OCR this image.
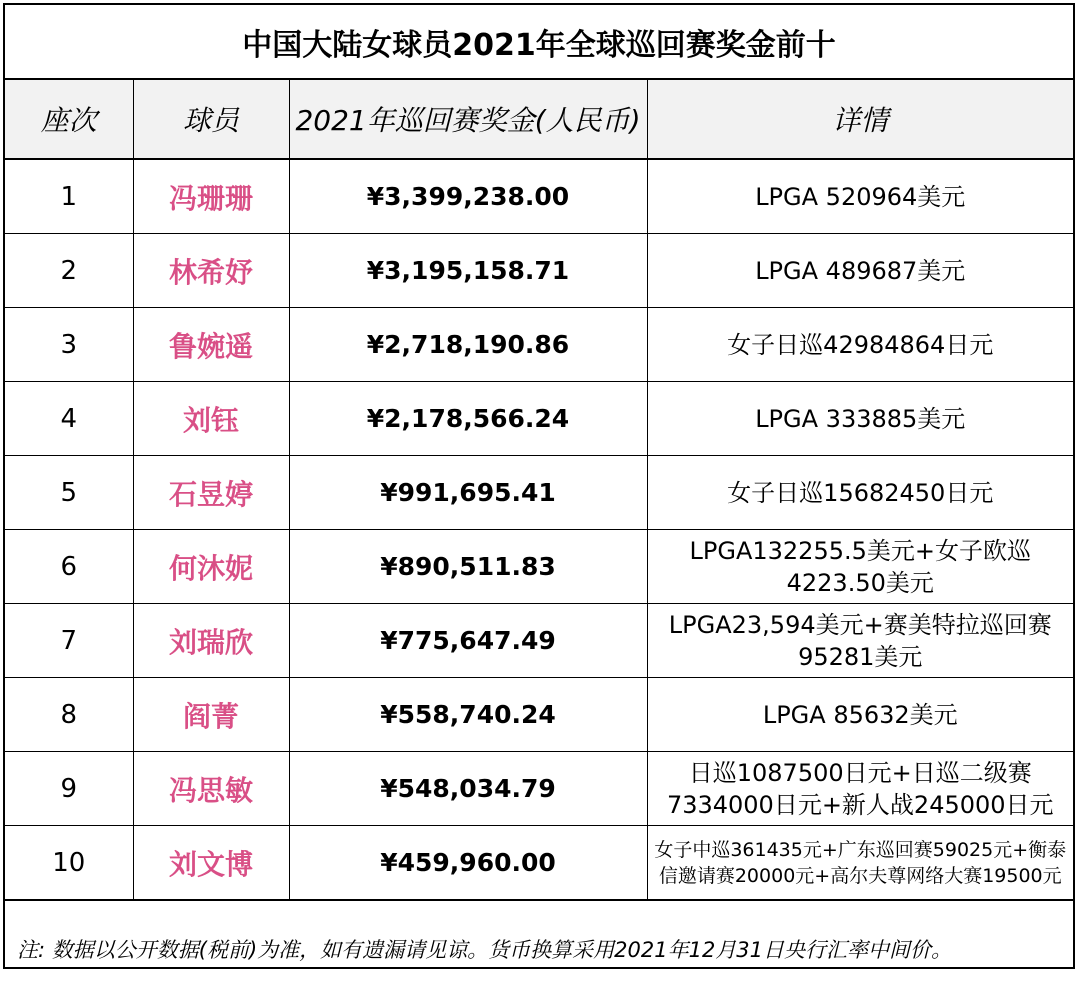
中国大陆女球员2021年全球巡回赛奖金前十			
座次	球员	2021年巡回赛奖金(人民币)	详情
1	冯珊珊	¥3,399,238.00	LPGA 520964美元
2	林希妤	¥3,195,158.71	LPGA 489687美元
3	鲁婉遥	¥2,718,190.86	女子日巡42984864日元
4	刘钰	¥2,178,566.24	LPGA 333885美元
5	石昱婷	¥991,695.41	女子日巡15682450日元
6	何沐妮	¥890,511.83	LPGA132255.5美元+女子欧巡4223.50美元
7	刘瑞欣	¥775,647.49	LPGA23,594美元+赛美特拉巡回赛95281美元
8	阎菁	¥558,740.24	LPGA 85632美元
9	冯思敏	¥548,034.79	日巡1087500日元+日巡二级赛7334000日元+新人战245000日元
10	刘文博	¥459,960.00	女子中巡361435元+广东巡回赛59025元+衡泰信邀请赛20000元+高尔夫尊网络大赛19500元
注: 数据以公开数据(税前)为准，如有遗漏请见谅。货币换算采用2021年12月31日央行汇率中间价。			
